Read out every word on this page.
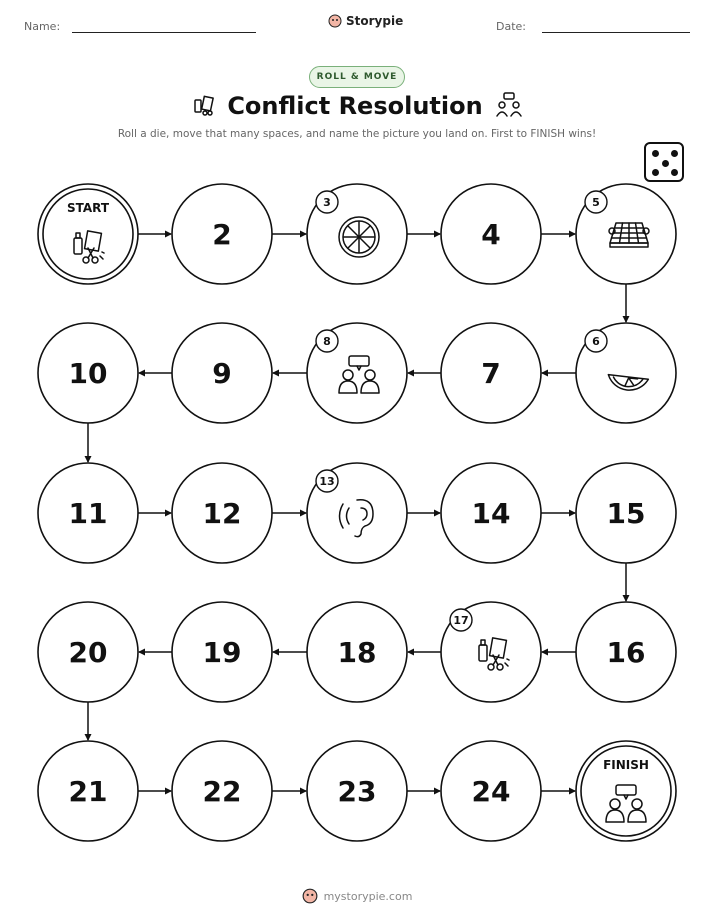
Name:	Storypie	Date:
ROLL & MOVE
Conflict Resolution
Roll a die, move that many spaces, and name the picture you land on. First to FINISH wins!
START
2
3
4
5
6
7
8
9
10
11	12
13
14	15
16
17
18
19
20
21	22	23	24
FINISH
mystorypie.com
